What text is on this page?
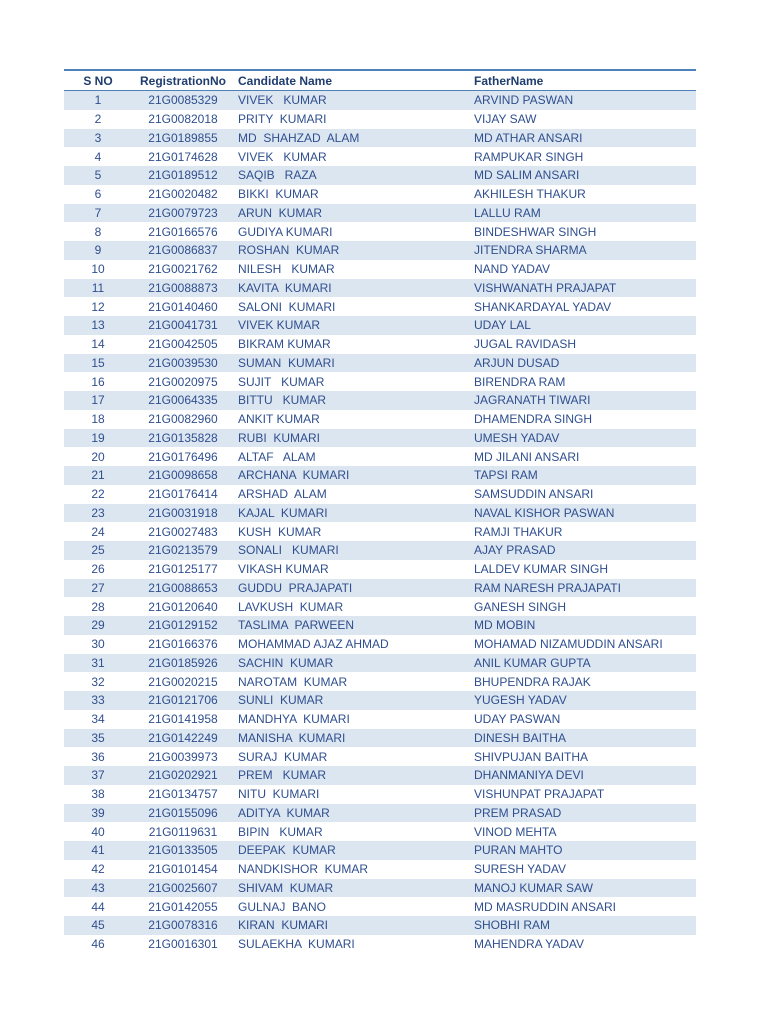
S NO	RegistrationNo	Candidate Name	FatherName
1	21G0085329	VIVEK   KUMAR	ARVIND PASWAN
2	21G0082018	PRITY  KUMARI	VIJAY SAW
3	21G0189855	MD  SHAHZAD  ALAM	MD ATHAR ANSARI
4	21G0174628	VIVEK   KUMAR	RAMPUKAR SINGH
5	21G0189512	SAQIB   RAZA	MD SALIM ANSARI
6	21G0020482	BIKKI  KUMAR	AKHILESH THAKUR
7	21G0079723	ARUN  KUMAR	LALLU RAM
8	21G0166576	GUDIYA KUMARI	BINDESHWAR SINGH
9	21G0086837	ROSHAN  KUMAR	JITENDRA SHARMA
10	21G0021762	NILESH   KUMAR	NAND YADAV
11	21G0088873	KAVITA  KUMARI	VISHWANATH PRAJAPAT
12	21G0140460	SALONI  KUMARI	SHANKARDAYAL YADAV
13	21G0041731	VIVEK KUMAR	UDAY LAL
14	21G0042505	BIKRAM KUMAR	JUGAL RAVIDASH
15	21G0039530	SUMAN  KUMARI	ARJUN DUSAD
16	21G0020975	SUJIT   KUMAR	BIRENDRA RAM
17	21G0064335	BITTU   KUMAR	JAGRANATH TIWARI
18	21G0082960	ANKIT KUMAR	DHAMENDRA SINGH
19	21G0135828	RUBI  KUMARI	UMESH YADAV
20	21G0176496	ALTAF   ALAM	MD JILANI ANSARI
21	21G0098658	ARCHANA  KUMARI	TAPSI RAM
22	21G0176414	ARSHAD  ALAM	SAMSUDDIN ANSARI
23	21G0031918	KAJAL  KUMARI	NAVAL KISHOR PASWAN
24	21G0027483	KUSH  KUMAR	RAMJI THAKUR
25	21G0213579	SONALI   KUMARI	AJAY PRASAD
26	21G0125177	VIKASH KUMAR	LALDEV KUMAR SINGH
27	21G0088653	GUDDU  PRAJAPATI	RAM NARESH PRAJAPATI
28	21G0120640	LAVKUSH  KUMAR	GANESH SINGH
29	21G0129152	TASLIMA  PARWEEN	MD MOBIN
30	21G0166376	MOHAMMAD AJAZ AHMAD	MOHAMAD NIZAMUDDIN ANSARI
31	21G0185926	SACHIN  KUMAR	ANIL KUMAR GUPTA
32	21G0020215	NAROTAM  KUMAR	BHUPENDRA RAJAK
33	21G0121706	SUNLI  KUMAR	YUGESH YADAV
34	21G0141958	MANDHYA  KUMARI	UDAY PASWAN
35	21G0142249	MANISHA  KUMARI	DINESH BAITHA
36	21G0039973	SURAJ  KUMAR	SHIVPUJAN BAITHA
37	21G0202921	PREM   KUMAR	DHANMANIYA DEVI
38	21G0134757	NITU  KUMARI	VISHUNPAT PRAJAPAT
39	21G0155096	ADITYA  KUMAR	PREM PRASAD
40	21G0119631	BIPIN   KUMAR	VINOD MEHTA
41	21G0133505	DEEPAK  KUMAR	PURAN MAHTO
42	21G0101454	NANDKISHOR  KUMAR	SURESH YADAV
43	21G0025607	SHIVAM  KUMAR	MANOJ KUMAR SAW
44	21G0142055	GULNAJ  BANO	MD MASRUDDIN ANSARI
45	21G0078316	KIRAN  KUMARI	SHOBHI RAM
46	21G0016301	SULAEKHA  KUMARI	MAHENDRA YADAV
